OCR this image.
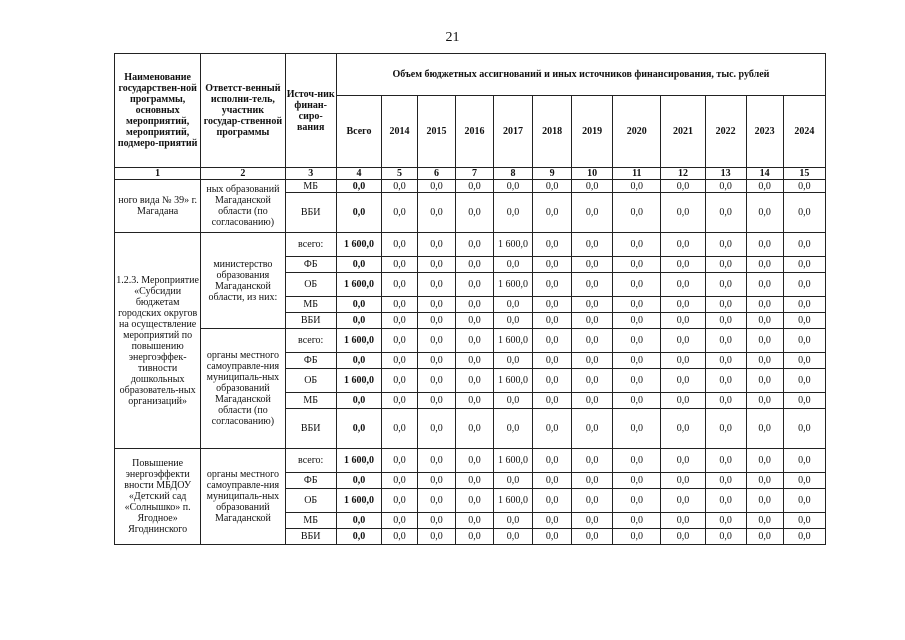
21
Наименование государствен-ной программы, основных мероприятий, мероприятий, подмеро-приятий	Ответст-венный исполни-тель, участник государ-ственной программы	Источ-ник финан-сиро-вания	Объем бюджетных ассигнований и иных источников финансирования, тыс. рублей											
			Всего	2014	2015	2016	2017	2018	2019	2020	2021	2022	2023	2024
1	2	3	4	5	6	7	8	9	10	11	12	13	14	15
ного вида № 39» г. Магадана	ных образований Магаданской области (по согласованию)	МБ	0,0	0,0	0,0	0,0	0,0	0,0	0,0	0,0	0,0	0,0	0,0	0,0
		ВБИ	0,0	0,0	0,0	0,0	0,0	0,0	0,0	0,0	0,0	0,0	0,0	0,0
1.2.3. Мероприятие «Субсидии бюджетам городских округов на осуществление мероприятий по повышению энергоэффек-тивности дошкольных образователь-ных организаций»	министерство образования Магаданской области, из них:	всего:	1 600,0	0,0	0,0	0,0	1 600,0	0,0	0,0	0,0	0,0	0,0	0,0	0,0
		ФБ	0,0	0,0	0,0	0,0	0,0	0,0	0,0	0,0	0,0	0,0	0,0	0,0
		ОБ	1 600,0	0,0	0,0	0,0	1 600,0	0,0	0,0	0,0	0,0	0,0	0,0	0,0
		МБ	0,0	0,0	0,0	0,0	0,0	0,0	0,0	0,0	0,0	0,0	0,0	0,0
		ВБИ	0,0	0,0	0,0	0,0	0,0	0,0	0,0	0,0	0,0	0,0	0,0	0,0
	органы местного самоуправле-ния муниципаль-ных образований Магаданской области (по согласованию)	всего:	1 600,0	0,0	0,0	0,0	1 600,0	0,0	0,0	0,0	0,0	0,0	0,0	0,0
		ФБ	0,0	0,0	0,0	0,0	0,0	0,0	0,0	0,0	0,0	0,0	0,0	0,0
		ОБ	1 600,0	0,0	0,0	0,0	1 600,0	0,0	0,0	0,0	0,0	0,0	0,0	0,0
		МБ	0,0	0,0	0,0	0,0	0,0	0,0	0,0	0,0	0,0	0,0	0,0	0,0
		ВБИ	0,0	0,0	0,0	0,0	0,0	0,0	0,0	0,0	0,0	0,0	0,0	0,0
Повышение энергоэффекти вности МБДОУ «Детский сад «Солнышко» п. Ягодное» Ягоднинского	органы местного самоуправле-ния муниципаль-ных образований Магаданской	всего:	1 600,0	0,0	0,0	0,0	1 600,0	0,0	0,0	0,0	0,0	0,0	0,0	0,0
		ФБ	0,0	0,0	0,0	0,0	0,0	0,0	0,0	0,0	0,0	0,0	0,0	0,0
		ОБ	1 600,0	0,0	0,0	0,0	1 600,0	0,0	0,0	0,0	0,0	0,0	0,0	0,0
		МБ	0,0	0,0	0,0	0,0	0,0	0,0	0,0	0,0	0,0	0,0	0,0	0,0
		ВБИ	0,0	0,0	0,0	0,0	0,0	0,0	0,0	0,0	0,0	0,0	0,0	0,0
